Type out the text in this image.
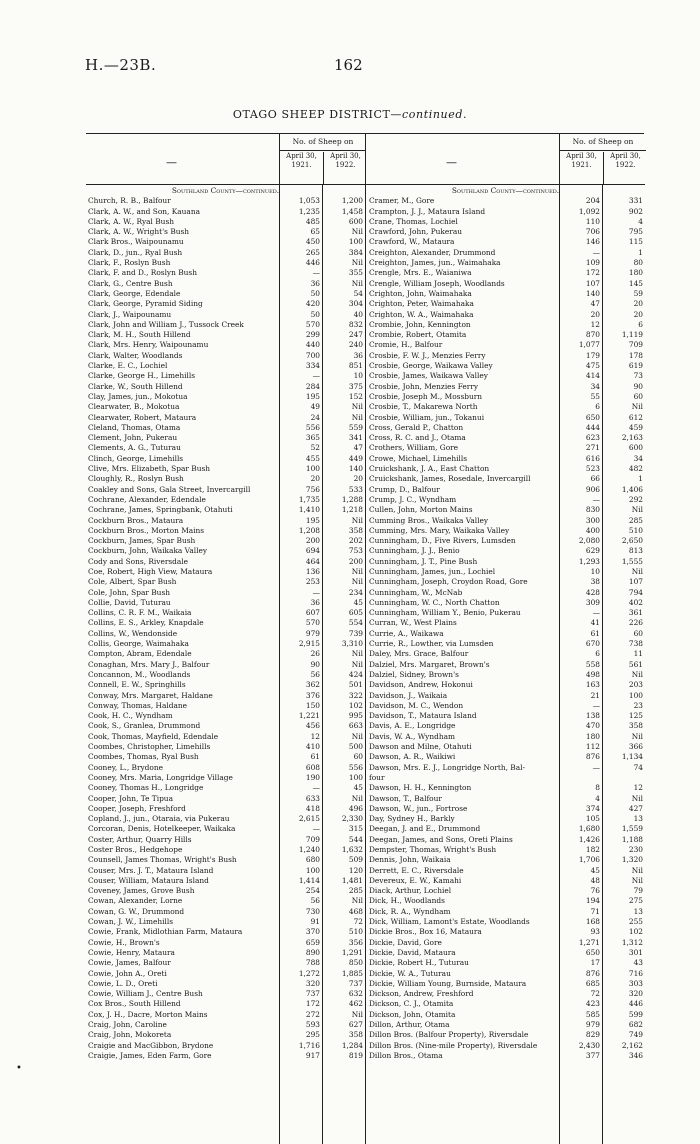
H.—23B.	162
OTAGO SHEEP DISTRICT—continued.
—
No. of Sheep on
April 30, 1921.
April 30, 1922.
Southland County—continued.
Church, R. B., Balfour	1,053	1,200
Clark, A. W., and Son, Kauana	1,235	1,458
Clark, A. W., Ryal Bush	485	600
Clark, A. W., Wright's Bush	65	Nil
Clark Bros., Waipounamu	450	100
Clark, D., jun., Ryal Bush	265	384
Clark, F., Roslyn Bush	446	Nil
Clark, F. and D., Roslyn Bush	—	355
Clark, G., Centre Bush	36	Nil
Clark, George, Edendale	50	54
Clark, George, Pyramid Siding	420	304
Clark, J., Waipounamu	50	40
Clark, John and William J., Tussock Creek	570	832
Clark, M. H., South Hillend	299	247
Clark, Mrs. Henry, Waipounamu	440	240
Clark, Walter, Woodlands	700	36
Clarke, E. C., Lochiel	334	851
Clarke, George H., Limehills	—	10
Clarke, W., South Hillend	284	375
Clay, James, jun., Mokotua	195	152
Clearwater, B., Mokotua	49	Nil
Clearwater, Robert, Mataura	24	Nil
Cleland, Thomas, Otama	556	559
Clement, John, Pukerau	365	341
Clements, A. G., Tuturau	52	47
Clinch, George, Limehills	455	449
Clive, Mrs. Elizabeth, Spar Bush	100	140
Cloughly, R., Roslyn Bush	20	20
Coakley and Sons, Gala Street, Invercargill	756	533
Cochrane, Alexander, Edendale	1,735	1,288
Cochrane, James, Springbank, Otahuti	1,410	1,218
Cockburn Bros., Mataura	195	Nil
Cockburn Bros., Morton Mains	1,208	358
Cockburn, James, Spar Bush	200	202
Cockburn, John, Waikaka Valley	694	753
Cody and Sons, Riversdale	464	200
Coe, Robert, High View, Mataura	136	Nil
Cole, Albert, Spar Bush	253	Nil
Cole, John, Spar Bush	—	234
Collie, David, Tuturau	36	45
Collins, C. R. F. M., Waikaia	607	605
Collins, E. S., Arkley, Knapdale	570	554
Collins, W., Wendonside	979	739
Collis, George, Waimahaka	2,915	3,310
Compton, Abram, Edendale	26	Nil
Conaghan, Mrs. Mary J., Balfour	90	Nil
Concannon, M., Woodlands	56	424
Connell, E. W., Springhills	362	501
Conway, Mrs. Margaret, Haldane	376	322
Conway, Thomas, Haldane	150	102
Cook, H. C., Wyndham	1,221	995
Cook, S., Granlea, Drummond	456	663
Cook, Thomas, Mayfield, Edendale	12	Nil
Coombes, Christopher, Limehills	410	500
Coombes, Thomas, Ryal Bush	61	60
Cooney, L., Brydone	608	556
Cooney, Mrs. Maria, Longridge Village	190	100
Cooney, Thomas H., Longridge	—	45
Cooper, John, Te Tipua	633	Nil
Cooper, Joseph, Freshford	418	496
Copland, J., jun., Otaraia, via Pukerau	2,615	2,330
Corcoran, Denis, Hotelkeeper, Waikaka	—	315
Coster, Arthur, Quarry Hills	709	544
Coster Bros., Hedgehope	1,240	1,632
Counsell, James Thomas, Wright's Bush	680	509
Couser, Mrs. J. T., Mataura Island	100	120
Couser, William, Mataura Island	1,414	1,481
Coveney, James, Grove Bush	254	285
Cowan, Alexander, Lorne	56	Nil
Cowan, G. W., Drummond	730	468
Cowan, J. W., Limehills	91	72
Cowie, Frank, Midlothian Farm, Mataura	370	510
Cowie, H., Brown's	659	356
Cowie, Henry, Mataura	890	1,291
Cowie, James, Balfour	788	850
Cowie, John A., Oreti	1,272	1,885
Cowie, L. D., Oreti	320	737
Cowie, William J., Centre Bush	737	632
Cox Bros., South Hillend	172	462
Cox, J. H., Dacre, Morton Mains	272	Nil
Craig, John, Caroline	593	627
Craig, John, Mokoreta	295	358
Craigie and MacGibbon, Brydone	1,716	1,284
Craigie, James, Eden Farm, Gore	917	819
—
No. of Sheep on
April 30, 1921.
April 30, 1922.
Southland County—continued.
Cramer, M., Gore	204	331
Crampton, J. J., Mataura Island	1,092	902
Crane, Thomas, Lochiel	110	4
Crawford, John, Pukerau	706	795
Crawford, W., Mataura	146	115
Creighton, Alexander, Drummond	—	1
Creighton, James, jun., Waimahaka	109	80
Crengle, Mrs. E., Waianiwa	172	180
Crengle, William Joseph, Woodlands	107	145
Crighton, John, Waimahaka	140	59
Crighton, Peter, Waimahaka	47	20
Crighton, W. A., Waimahaka	20	20
Crombie, John, Kennington	12	6
Crombie, Robert, Otamita	870	1,119
Cromie, H., Balfour	1,077	709
Crosbie, F. W. J., Menzies Ferry	179	178
Crosbie, George, Waikawa Valley	475	619
Crosbie, James, Waikawa Valley	414	73
Crosbie, John, Menzies Ferry	34	90
Crosbie, Joseph M., Mossburn	55	60
Crosbie, T., Makarewa North	6	Nil
Crosbie, William, jun., Tokanui	650	612
Cross, Gerald P., Chatton	444	459
Cross, R. C. and J., Otama	623	2,163
Crothers, William, Gore	271	600
Crowe, Michael, Limehills	616	34
Cruickshank, J. A., East Chatton	523	482
Cruickshank, James, Rosedale, Invercargill	66	1
Crump, D., Balfour	906	1,406
Crump, J. C., Wyndham	—	292
Cullen, John, Morton Mains	830	Nil
Cumming Bros., Waikaka Valley	300	285
Cumming, Mrs. Mary, Waikaka Valley	400	510
Cunningham, D., Five Rivers, Lumsden	2,080	2,650
Cunningham, J. J., Benio	629	813
Cunningham, J. T., Pine Bush	1,293	1,555
Cunningham, James, jun., Lochiel	10	Nil
Cunningham, Joseph, Croydon Road, Gore	38	107
Cunningham, W., McNab	428	794
Cunningham, W. C., North Chatton	309	402
Cunningham, William Y., Benio, Pukerau	—	361
Curran, W., West Plains	41	226
Currie, A., Waikawa	61	60
Currie, R., Lowther, via Lumsden	670	738
Daley, Mrs. Grace, Balfour	6	11
Dalziel, Mrs. Margaret, Brown's	558	561
Dalziel, Sidney, Brown's	498	Nil
Davidson, Andrew, Hokonui	163	203
Davidson, J., Waikaia	21	100
Davidson, M. C., Wendon	—	23
Davidson, T., Mataura Island	138	125
Davis, A. E., Longridge	470	358
Davis, W. A., Wyndham	180	Nil
Dawson and Milne, Otahuti	112	366
Dawson, A. R., Waikiwi	876	1,134
Dawson, Mrs. E. J., Longridge North, Bal-	—	74
four
Dawson, H. H., Kennington	8	12
Dawson, T., Balfour	4	Nil
Dawson, W., jun., Fortrose	374	427
Day, Sydney H., Barkly	105	13
Deegan, J. and E., Drummond	1,680	1,559
Deegan, James, and Sons, Oreti Plains	1,426	1,188
Dempster, Thomas, Wright's Bush	182	230
Dennis, John, Waikaia	1,706	1,320
Derrett, E. C., Riversdale	45	Nil
Devereux, E. W., Kamahi	48	Nil
Diack, Arthur, Lochiel	76	79
Dick, H., Woodlands	194	275
Dick, R. A., Wyndham	71	13
Dick, William, Lamont's Estate, Woodlands	168	255
Dickie Bros., Box 16, Mataura	93	102
Dickie, David, Gore	1,271	1,312
Dickie, David, Mataura	650	301
Dickie, Robert H., Tuturau	17	43
Dickie, W. A., Tuturau	876	716
Dickie, William Young, Burnside, Mataura	685	303
Dickson, Andrew, Freshford	72	320
Dickson, C. J., Otamita	423	446
Dickson, John, Otamita	585	599
Dillon, Arthur, Otama	979	682
Dillon Bros. (Balfour Property), Riversdale	829	749
Dillon Bros. (Nine-mile Property), Riversdale	2,430	2,162
Dillon Bros., Otama	377	346
•
